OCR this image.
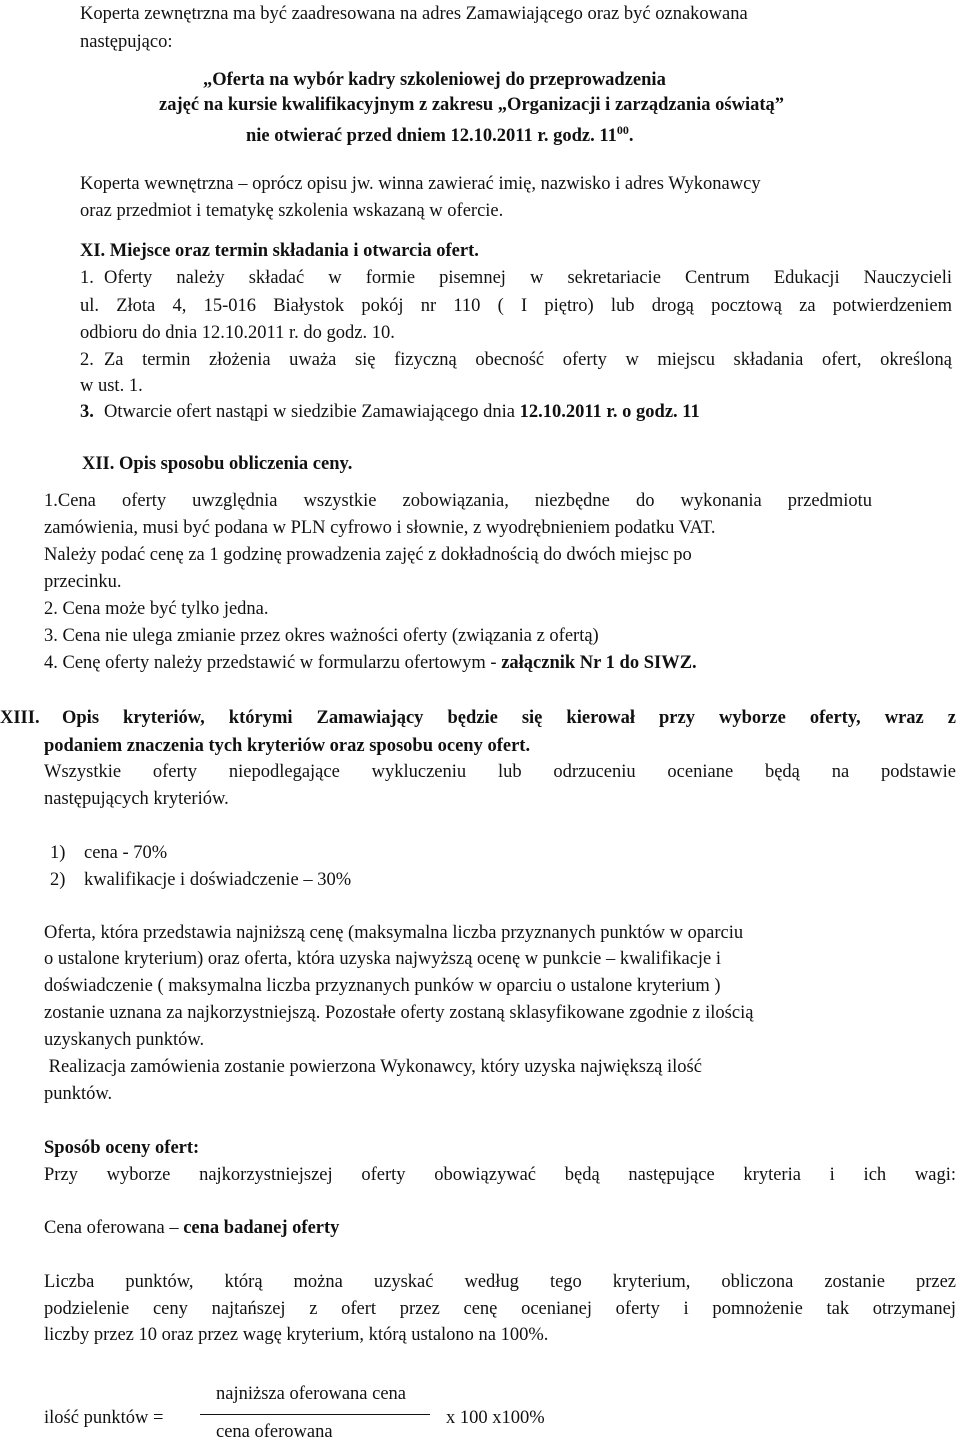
Koperta zewnętrzna ma być zaadresowana na adres Zamawiającego oraz być oznakowana
następująco:
„Oferta na wybór kadry szkoleniowej do przeprowadzenia
zajęć na kursie kwalifikacyjnym z zakresu „Organizacji i zarządzania oświatą”
nie otwierać przed dniem 12.10.2011 r. godz. $11^{00}$.
Koperta wewnętrzna – oprócz opisu jw. winna zawierać imię, nazwisko i adres Wykonawcy
oraz przedmiot i tematykę szkolenia wskazaną w ofercie.
XI. Miejsce oraz termin składania i otwarcia ofert.
1. Oferty należy składać w formie pisemnej w sekretariacie Centrum Edukacji Nauczycieli
ul. Złota 4, 15-016 Białystok pokój nr 110 ( I piętro) lub drogą pocztową za potwierdzeniem
odbioru do dnia 12.10.2011 r. do godz. 10.
2. Za termin złożenia uważa się fizyczną obecność oferty w miejscu składania ofert, określoną
w ust. 1.
3. Otwarcie ofert nastąpi w siedzibie Zamawiającego dnia 12.10.2011 r. o godz. 11
XII. Opis sposobu obliczenia ceny.
1.Cena oferty uwzględnia wszystkie zobowiązania, niezbędne do wykonania przedmiotu
zamówienia, musi być podana w PLN cyfrowo i słownie, z wyodrębnieniem podatku VAT.
Należy podać cenę za 1 godzinę prowadzenia zajęć z dokładnością do dwóch miejsc po
przecinku.
2. Cena może być tylko jedna.
3. Cena nie ulega zmianie przez okres ważności oferty (związania z ofertą)
4. Cenę oferty należy przedstawić w formularzu ofertowym - załącznik Nr 1 do SIWZ.
XIII. Opis kryteriów, którymi Zamawiający będzie się kierował przy wyborze oferty, wraz z
podaniem znaczenia tych kryteriów oraz sposobu oceny ofert.
Wszystkie oferty niepodlegające wykluczeniu lub odrzuceniu oceniane będą na podstawie
następujących kryteriów.
1) cena - 70%
2) kwalifikacje i doświadczenie – 30%
Oferta, która przedstawia najniższą cenę (maksymalna liczba przyznanych punktów w oparciu
o ustalone kryterium) oraz oferta, która uzyska najwyższą ocenę w punkcie – kwalifikacje i
doświadczenie ( maksymalna liczba przyznanych punków w oparciu o ustalone kryterium )
zostanie uznana za najkorzystniejszą. Pozostałe oferty zostaną sklasyfikowane zgodnie z ilością
uzyskanych punktów.
Realizacja zamówienia zostanie powierzona Wykonawcy, który uzyska największą ilość
punktów.
Sposób oceny ofert:
Przy wyborze najkorzystniejszej oferty obowiązywać będą następujące kryteria i ich wagi:
Cena oferowana – cena badanej oferty
Liczba punktów, którą można uzyskać według tego kryterium, obliczona zostanie przez
podzielenie ceny najtańszej z ofert przez cenę ocenianej oferty i pomnożenie tak otrzymanej
liczby przez 10 oraz przez wagę kryterium, którą ustalono na 100%.
najniższa oferowana cena
ilość punktów =	x 100 x100%
cena oferowana
